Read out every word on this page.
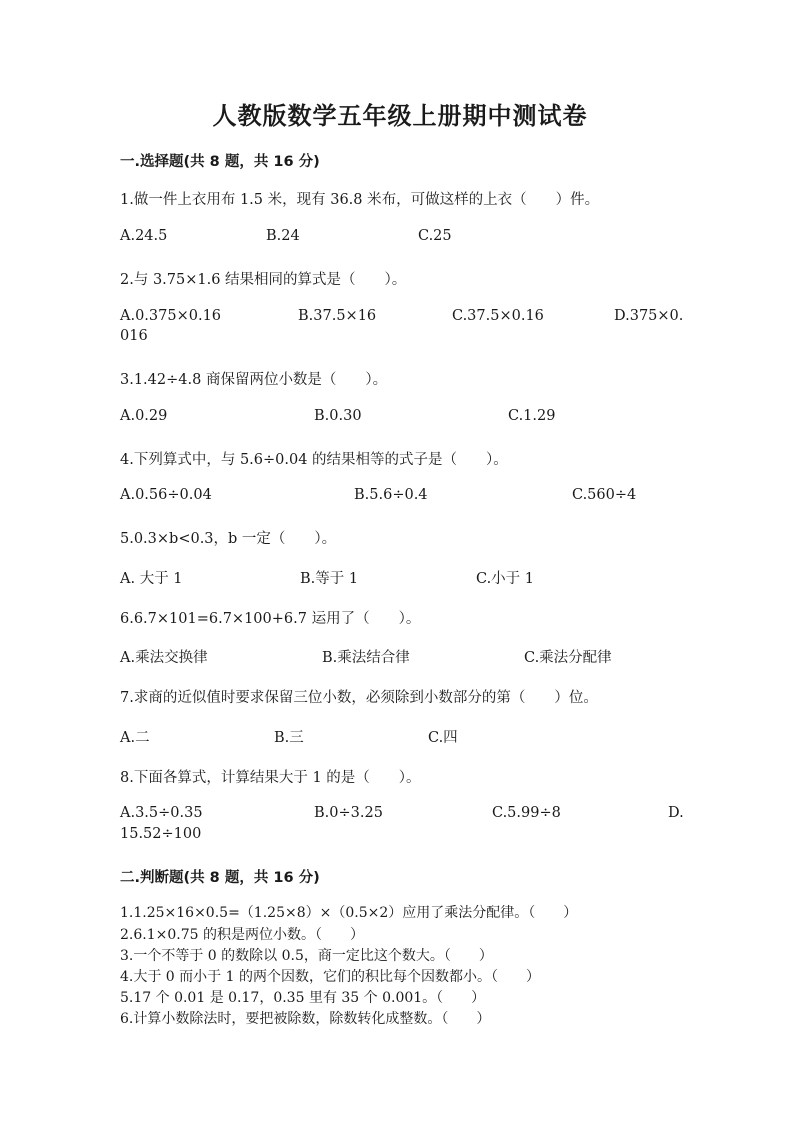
人教版数学五年级上册期中测试卷
一.选择题(共 8 题，共 16 分)
1.做一件上衣用布 1.5 米，现有 36.8 米布，可做这样的上衣（　　）件。
A.24.5	B.24	C.25
2.与 3.75×1.6 结果相同的算式是（　　）。
A.0.375×0.16	B.37.5×16	C.37.5×0.16	D.375×0.
016
3.1.42÷4.8 商保留两位小数是（　　）。
A.0.29	B.0.30	C.1.29
4.下列算式中，与 5.6÷0.04 的结果相等的式子是（　　）。
A.0.56÷0.04	B.5.6÷0.4	C.560÷4
5.0.3×b<0.3，b 一定（　　）。
A. 大于 1	B.等于 1	C.小于 1
6.6.7×101=6.7×100+6.7 运用了（　　）。
A.乘法交换律	B.乘法结合律	C.乘法分配律
7.求商的近似值时要求保留三位小数，必须除到小数部分的第（　　）位。
A.二	B.三	C.四
8.下面各算式，计算结果大于 1 的是（　　）。
A.3.5÷0.35	B.0÷3.25	C.5.99÷8	D.
15.52÷100
二.判断题(共 8 题，共 16 分)
1.1.25×16×0.5=（1.25×8）×（0.5×2）应用了乘法分配律。（　　）
2.6.1×0.75 的积是两位小数。（　　）
3.一个不等于 0 的数除以 0.5，商一定比这个数大。（　　）
4.大于 0 而小于 1 的两个因数，它们的积比每个因数都小。（　　）
5.17 个 0.01 是 0.17，0.35 里有 35 个 0.001。（　　）
6.计算小数除法时，要把被除数，除数转化成整数。（　　）
